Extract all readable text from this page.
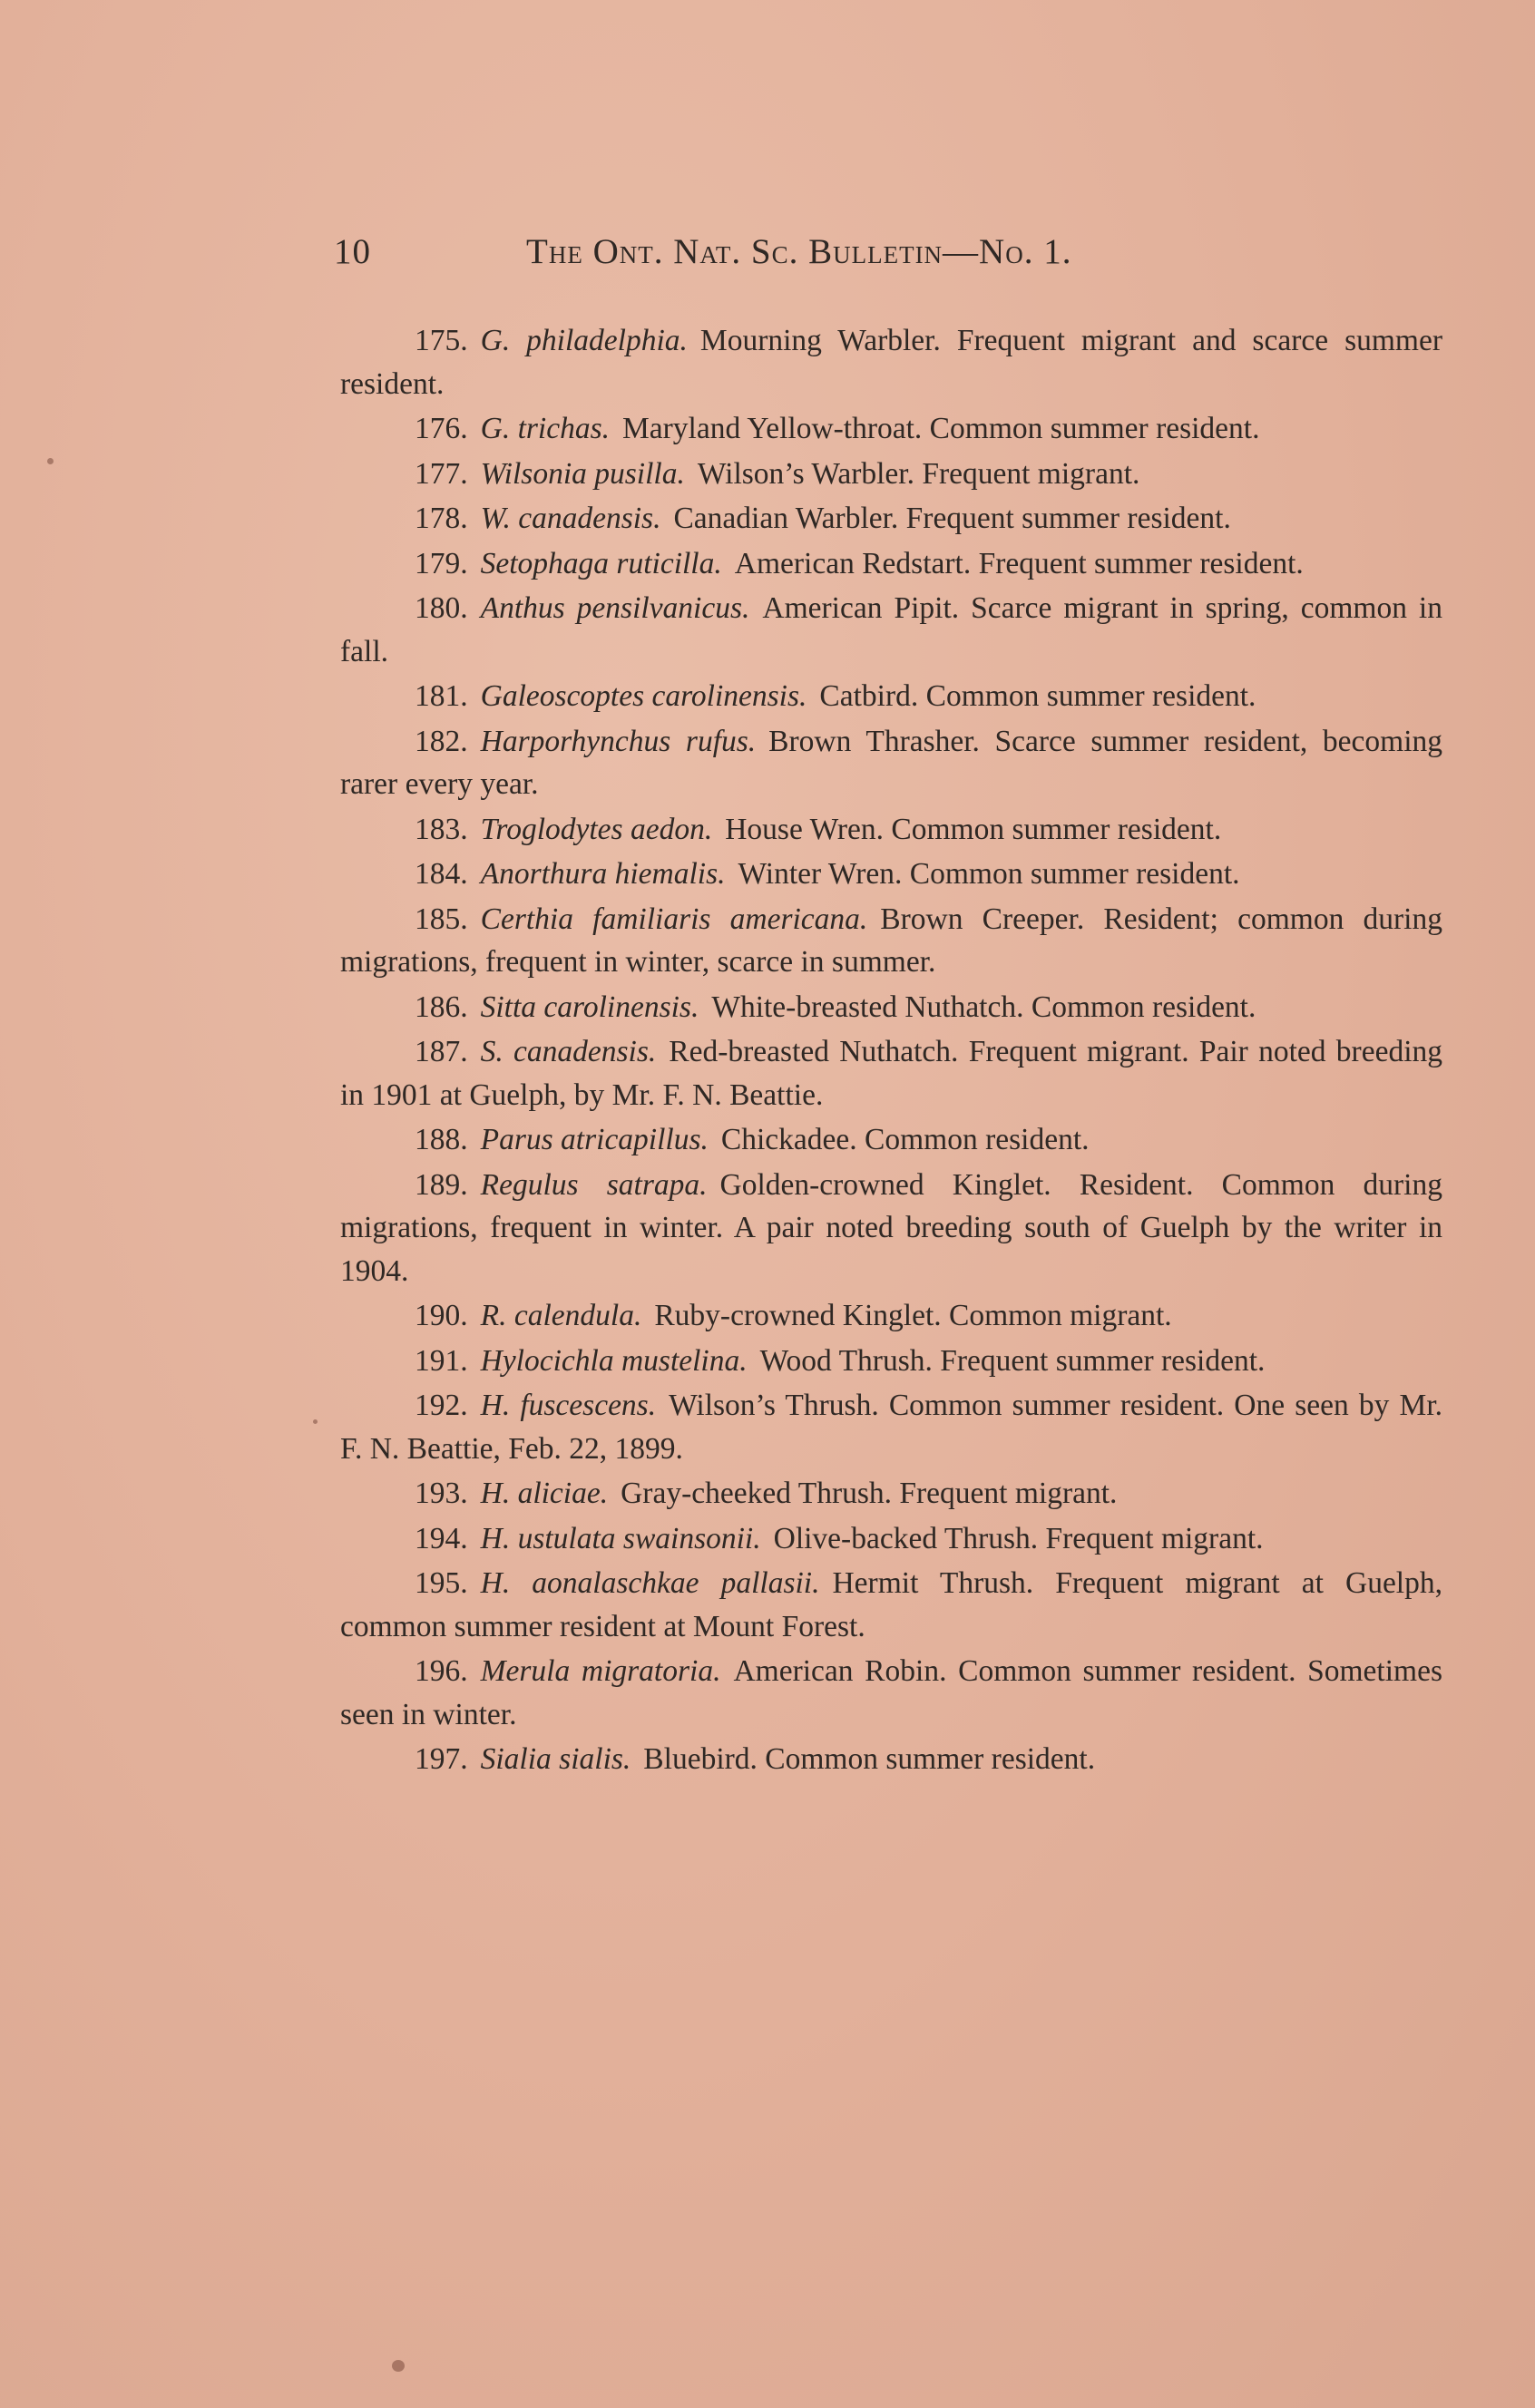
10	The Ont. Nat. Sc. Bulletin—No. 1.

175. G. philadelphia. Mourning Warbler. Frequent migrant and scarce summer resident.

176. G. trichas. Maryland Yellow-throat. Common summer resident.

177. Wilsonia pusilla. Wilson’s Warbler. Frequent migrant.

178. W. canadensis. Canadian Warbler. Frequent summer resident.

179. Setophaga ruticilla. American Redstart. Frequent summer resident.

180. Anthus pensilvanicus. American Pipit. Scarce migrant in spring, common in fall.

181. Galeoscoptes carolinensis. Catbird. Common summer resident.

182. Harporhynchus rufus. Brown Thrasher. Scarce summer resident, becoming rarer every year.

183. Troglodytes aedon. House Wren. Common summer resident.

184. Anorthura hiemalis. Winter Wren. Common summer resident.

185. Certhia familiaris americana. Brown Creeper. Resident; common during migrations, frequent in winter, scarce in summer.

186. Sitta carolinensis. White-breasted Nuthatch. Common resident.

187. S. canadensis. Red-breasted Nuthatch. Frequent migrant. Pair noted breeding in 1901 at Guelph, by Mr. F. N. Beattie.

188. Parus atricapillus. Chickadee. Common resident.

189. Regulus satrapa. Golden-crowned Kinglet. Resident. Common during migrations, frequent in winter. A pair noted breeding south of Guelph by the writer in 1904.

190. R. calendula. Ruby-crowned Kinglet. Common migrant.

191. Hylocichla mustelina. Wood Thrush. Frequent summer resident.

192. H. fuscescens. Wilson’s Thrush. Common summer resident. One seen by Mr. F. N. Beattie, Feb. 22, 1899.

193. H. aliciae. Gray-cheeked Thrush. Frequent migrant.

194. H. ustulata swainsonii. Olive-backed Thrush. Frequent migrant.

195. H. aonalaschkae pallasii. Hermit Thrush. Frequent migrant at Guelph, common summer resident at Mount Forest.

196. Merula migratoria. American Robin. Common summer resident. Sometimes seen in winter.

197. Sialia sialis. Bluebird. Common summer resident.
